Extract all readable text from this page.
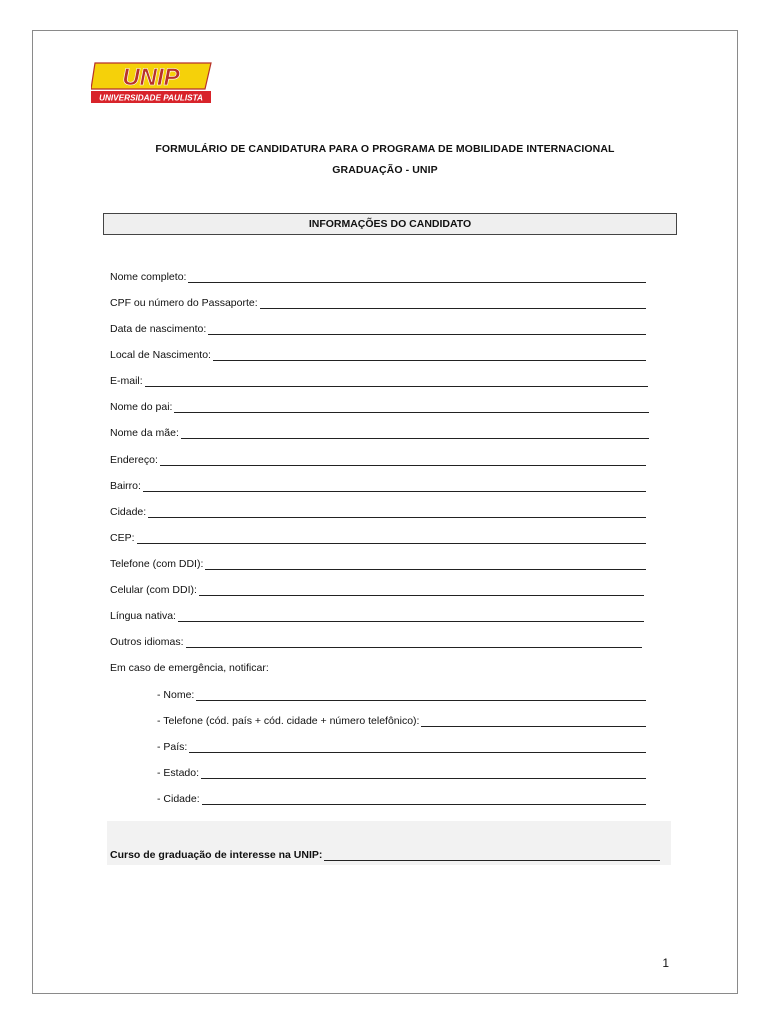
UNIP
UNIVERSIDADE PAULISTA
FORMULÁRIO DE CANDIDATURA PARA O PROGRAMA DE MOBILIDADE INTERNACIONAL
GRADUAÇÃO - UNIP
INFORMAÇÕES DO CANDIDATO
Nome completo:
CPF ou número do Passaporte:
Data de nascimento:
Local de Nascimento:
E-mail:
Nome do pai:
Nome da mãe:
Endereço:
Bairro:
Cidade:
CEP:
Telefone (com DDI):
Celular (com DDI):
Língua nativa:
Outros idiomas:
Em caso de emergência, notificar:
- Nome:
- Telefone (cód. país + cód. cidade + número telefônico):
- País:
- Estado:
- Cidade:
Curso de graduação de interesse na UNIP:
1
